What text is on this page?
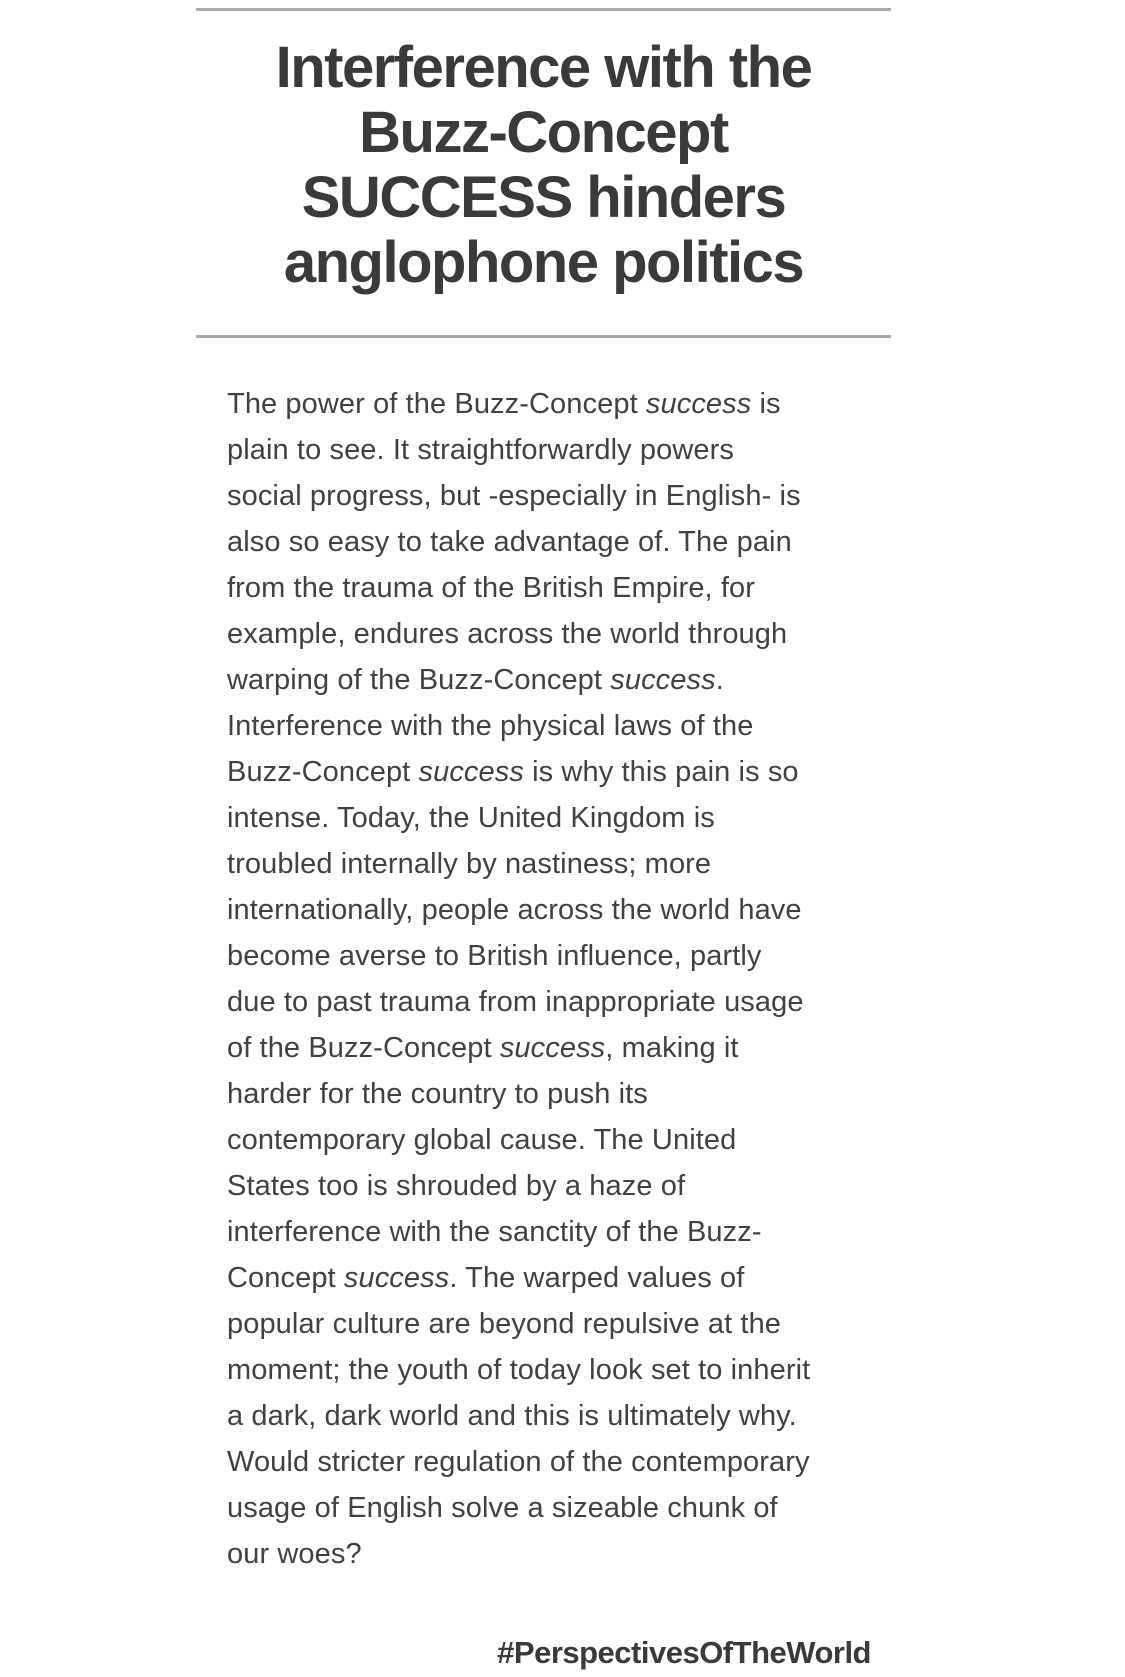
Interference with the
Buzz-Concept
SUCCESS hinders
anglophone politics
The power of the Buzz-Concept success is
plain to see. It straightforwardly powers
social progress, but -especially in English- is
also so easy to take advantage of. The pain
from the trauma of the British Empire, for
example, endures across the world through
warping of the Buzz-Concept success.
Interference with the physical laws of the
Buzz-Concept success is why this pain is so
intense. Today, the United Kingdom is
troubled internally by nastiness; more
internationally, people across the world have
become averse to British influence, partly
due to past trauma from inappropriate usage
of the Buzz-Concept success, making it
harder for the country to push its
contemporary global cause. The United
States too is shrouded by a haze of
interference with the sanctity of the Buzz-
Concept success. The warped values of
popular culture are beyond repulsive at the
moment; the youth of today look set to inherit
a dark, dark world and this is ultimately why.
Would stricter regulation of the contemporary
usage of English solve a sizeable chunk of
our woes?
#PerspectivesOfTheWorld
